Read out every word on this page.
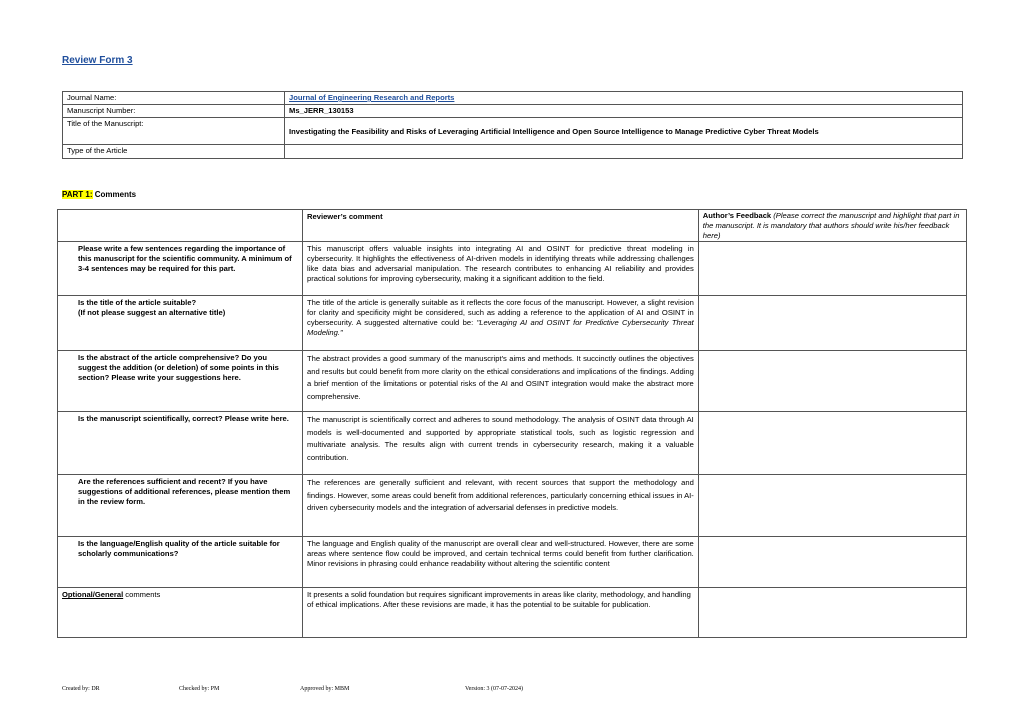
Review Form 3
Journal Name:	Journal of Engineering Research and Reports
Manuscript Number:	Ms_JERR_130153
Title of the Manuscript:	Investigating the Feasibility and Risks of Leveraging Artificial Intelligence and Open Source Intelligence to Manage Predictive Cyber Threat Models
Type of the Article	
PART 1: Comments
	Reviewer’s comment	Author’s Feedback (Please correct the manuscript and highlight that part in the manuscript. It is mandatory that authors should write his/her feedback here)
Please write a few sentences regarding the importance of this manuscript for the scientific community. A minimum of 3-4 sentences may be required for this part.	This manuscript offers valuable insights into integrating AI and OSINT for predictive threat modeling in cybersecurity. It highlights the effectiveness of AI-driven models in identifying threats while addressing challenges like data bias and adversarial manipulation. The research contributes to enhancing AI reliability and provides practical solutions for improving cybersecurity, making it a significant addition to the field.	
Is the title of the article suitable?
(If not please suggest an alternative title)	The title of the article is generally suitable as it reflects the core focus of the manuscript. However, a slight revision for clarity and specificity might be considered, such as adding a reference to the application of AI and OSINT in cybersecurity. A suggested alternative could be: "Leveraging AI and OSINT for Predictive Cybersecurity Threat Modeling."	
Is the abstract of the article comprehensive? Do you suggest the addition (or deletion) of some points in this section? Please write your suggestions here.	The abstract provides a good summary of the manuscript's aims and methods. It succinctly outlines the objectives and results but could benefit from more clarity on the ethical considerations and implications of the findings. Adding a brief mention of the limitations or potential risks of the AI and OSINT integration would make the abstract more comprehensive.	
Is the manuscript scientifically, correct? Please write here.	The manuscript is scientifically correct and adheres to sound methodology. The analysis of OSINT data through AI models is well-documented and supported by appropriate statistical tools, such as logistic regression and multivariate analysis. The results align with current trends in cybersecurity research, making it a valuable contribution.	
Are the references sufficient and recent? If you have suggestions of additional references, please mention them in the review form.	The references are generally sufficient and relevant, with recent sources that support the methodology and findings. However, some areas could benefit from additional references, particularly concerning ethical issues in AI-driven cybersecurity models and the integration of adversarial defenses in predictive models.	
Is the language/English quality of the article suitable for scholarly communications?	The language and English quality of the manuscript are overall clear and well-structured. However, there are some areas where sentence flow could be improved, and certain technical terms could benefit from further clarification. Minor revisions in phrasing could enhance readability without altering the scientific content	
Optional/General comments	It presents a solid foundation but requires significant improvements in areas like clarity, methodology, and handling of ethical implications. After these revisions are made, it has the potential to be suitable for publication.	
Created by: DR	Checked by: PM	Approved by: MBM	Version: 3 (07-07-2024)
